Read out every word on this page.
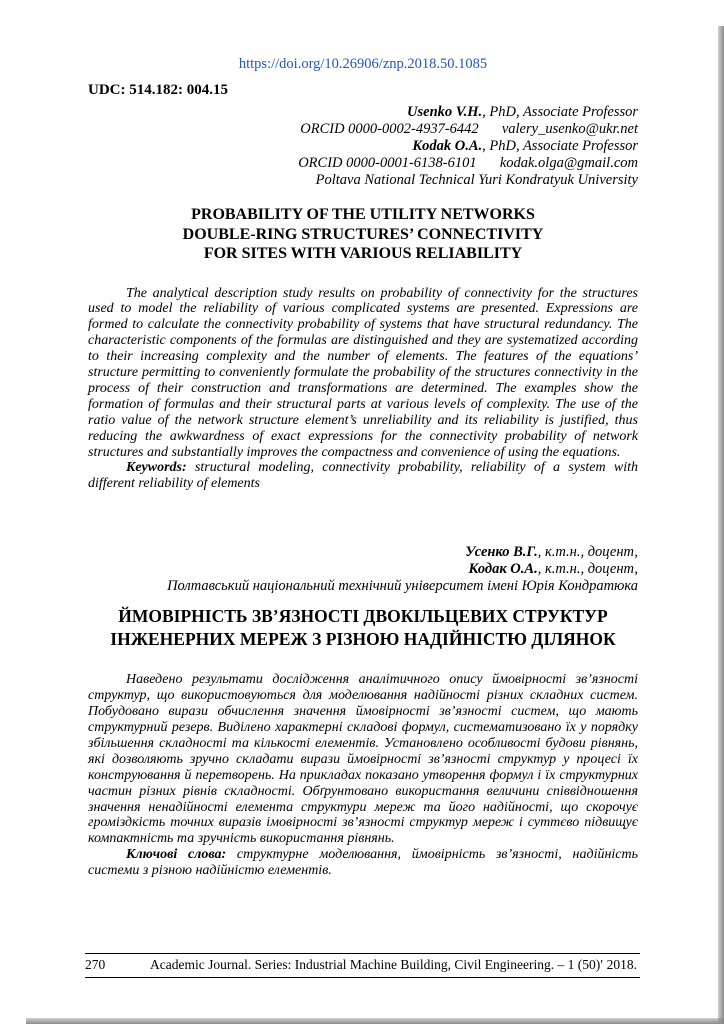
https://doi.org/10.26906/znp.2018.50.1085
UDC: 514.182: 004.15
Usenko V.H., PhD, Associate Professor
ORCID 0000-0002-4937-6442 valery_usenko@ukr.net
Kodak O.A., PhD, Associate Professor
ORCID 0000-0001-6138-6101 kodak.olga@gmail.com
Poltava National Technical Yuri Kondratyuk University
PROBABILITY OF THE UTILITY NETWORKS
DOUBLE-RING STRUCTURES’ CONNECTIVITY
FOR SITES WITH VARIOUS RELIABILITY

The analytical description study results on probability of connectivity for the structures used to model the reliability of various complicated systems are presented. Expressions are formed to calculate the connectivity probability of systems that have structural redundancy. The characteristic components of the formulas are distinguished and they are systematized according to their increasing complexity and the number of elements. The features of the equations’ structure permitting to conveniently formulate the probability of the structures connectivity in the process of their construction and transformations are determined. The examples show the formation of formulas and their structural parts at various levels of complexity. The use of the ratio value of the network structure element’s unreliability and its reliability is justified, thus reducing the awkwardness of exact expressions for the connectivity probability of network structures and substantially improves the compactness and convenience of using the equations.

Keywords: structural modeling, connectivity probability, reliability of a system with different reliability of elements

Усенко В.Г., к.т.н., доцент,
Кодак О.А., к.т.н., доцент,
Полтавський національний технічний університет імені Юрія Кондратюка
ЙМОВІРНІСТЬ ЗВ’ЯЗНОСТІ ДВОКІЛЬЦЕВИХ СТРУКТУР
ІНЖЕНЕРНИХ МЕРЕЖ З РІЗНОЮ НАДІЙНІСТЮ ДІЛЯНОК

Наведено результати дослідження аналітичного опису ймовірності зв’язності структур, що використовуються для моделювання надійності різних складних систем. Побудовано вирази обчислення значення ймовірності зв’язності систем, що мають структурний резерв. Виділено характерні складові формул, систематизовано їх у порядку збільшення складності та кількості елементів. Установлено особливості будови рівнянь, які дозволяють зручно складати вирази ймовірності зв’язності структур у процесі їх конструювання й перетворень. На прикладах показано утворення формул і їх структурних частин різних рівнів складності. Обґрунтовано використання величини співвідношення значення ненадійності елемента структури мереж та його надійності, що скорочує громіздкість точних виразів імовірності зв’язності структур мереж і суттєво підвищує компактність та зручність використання рівнянь.

Ключові слова: структурне моделювання, ймовірність зв’язності, надійність системи з різною надійністю елементів.

270	Academic Journal. Series: Industrial Machine Building, Civil Engineering. – 1 (50)′ 2018.
